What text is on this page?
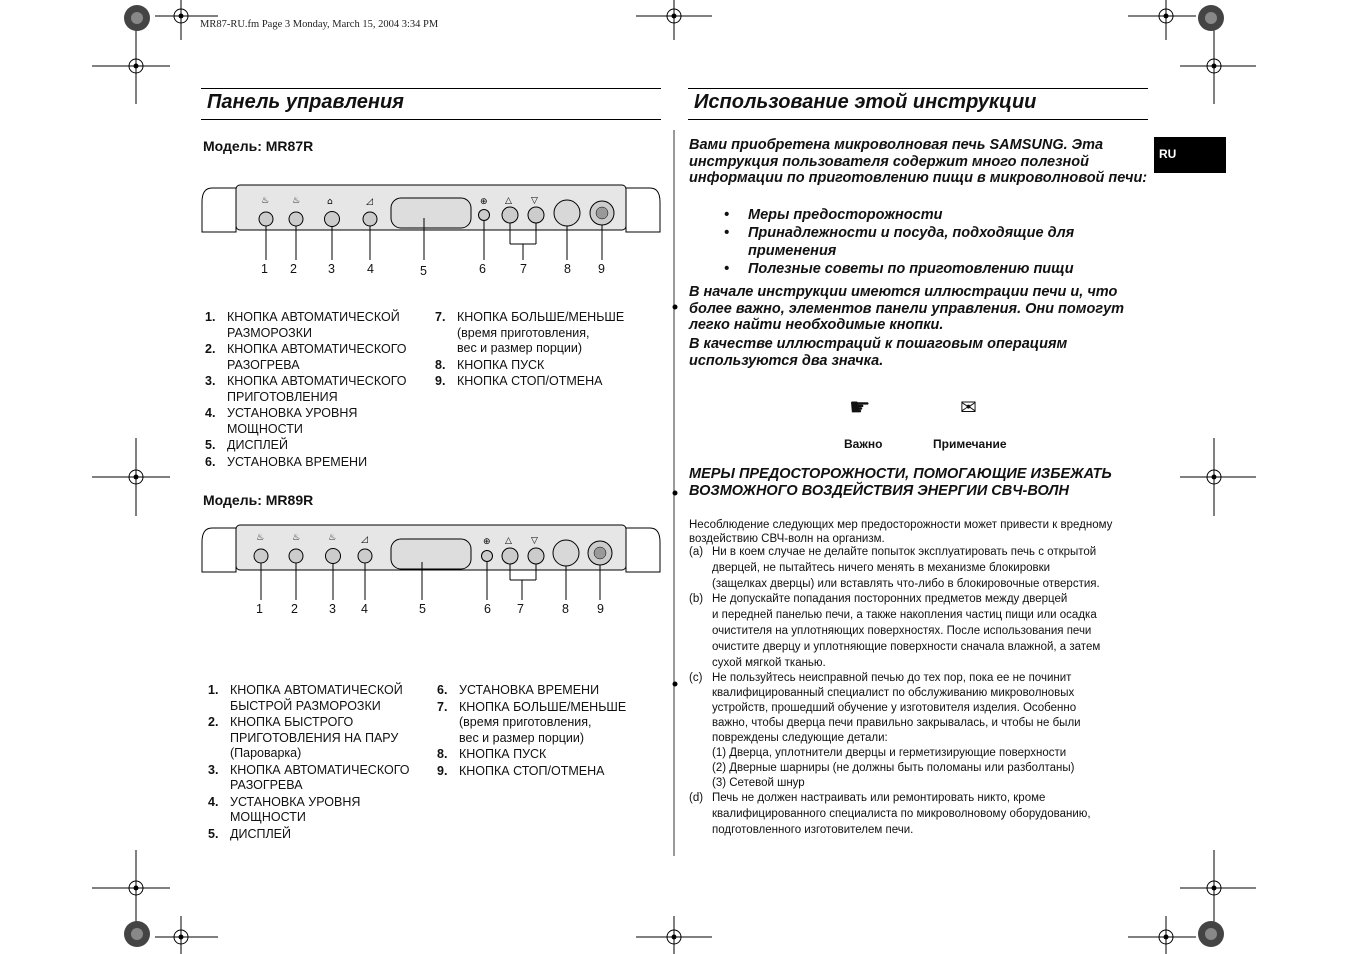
MR87-RU.fm Page 3 Monday, March 15, 2004 3:34 PM
Панель управления
Модель: MR87R
♨	♨	⌂	◿	⊕ △ ▽
1 2 3	4	5	6	7	8 9
1. КНОПКА АВТОМАТИЧЕСКОЙ
РАЗМОРОЗКИ
2. КНОПКА АВТОМАТИЧЕСКОГО
РАЗОГРЕВА
3. КНОПКА АВТОМАТИЧЕСКОГО
ПРИГОТОВЛЕНИЯ
4. УСТАНОВКА УРОВНЯ
МОЩНОСТИ
5. ДИСПЛЕЙ
6. УСТАНОВКА ВРЕМЕНИ
7. КНОПКА БОЛЬШЕ/МЕНЬШЕ
(время приготовления,
вес и размер порции)
8. КНОПКА ПУСК
9. КНОПКА СТОП/ОТМЕНА
Модель: MR89R
♨	♨	♨	◿	⊕ △ ▽
1 2 3 4	5	6 7	8 9
1. КНОПКА АВТОМАТИЧЕСКОЙ
БЫСТРОЙ РАЗМОРОЗКИ
2. КНОПКА БЫСТРОГО
ПРИГОТОВЛЕНИЯ НА ПАРУ
(Пароварка)
3. КНОПКА АВТОМАТИЧЕСКОГО
РАЗОГРЕВА
4. УСТАНОВКА УРОВНЯ
МОЩНОСТИ
5. ДИСПЛЕЙ
6. УСТАНОВКА ВРЕМЕНИ
7. КНОПКА БОЛЬШЕ/МЕНЬШЕ
(время приготовления,
вес и размер порции)
8. КНОПКА ПУСК
9. КНОПКА СТОП/ОТМЕНА
Использование этой инструкции
RU
Вами приобретена микроволновая печь SAMSUNG. Эта инструкция пользователя содержит много полезной информации по приготовлению пищи в микроволновой печи:
•	Меры предосторожности
•	Принадлежности и посуда, подходящие для
применения
•	Полезные советы по приготовлению пищи
В начале инструкции имеются иллюстрации печи и, что более важно, элементов панели управления. Они помогут легко найти необходимые кнопки.
В качестве иллюстраций к пошаговым операциям используются два значка.
☛	✉
Важно	Примечание
МЕРЫ ПРЕДОСТОРОЖНОСТИ, ПОМОГАЮЩИЕ ИЗБЕЖАТЬ ВОЗМОЖНОГО ВОЗДЕЙСТВИЯ ЭНЕРГИИ СВЧ-ВОЛН
Несоблюдение следующих мер предосторожности может привести к вредному воздействию СВЧ-волн на организм.
(a) Ни в коем случае не делайте попыток эксплуатировать печь с открытой
дверцей, не пытайтесь ничего менять в механизме блокировки
(защелках дверцы) или вставлять что-либо в блокировочные отверстия.
(b) Не допускайте попадания посторонних предметов между дверцей
и передней панелью печи, а также накопления частиц пищи или осадка
очистителя на уплотняющих поверхностях. После использования печи
очистите дверцу и уплотняющие поверхности сначала влажной, а затем
сухой мягкой тканью.
(c) Не пользуйтесь неисправной печью до тех пор, пока ее не починит
квалифицированный специалист по обслуживанию микроволновых
устройств, прошедший обучение у изготовителя изделия. Особенно
важно, чтобы дверца печи правильно закрывалась, и чтобы не были
повреждены следующие детали:
(1) Дверца, уплотнители дверцы и герметизирующие поверхности
(2) Дверные шарниры (не должны быть поломаны или разболтаны)
(3) Сетевой шнур
(d) Печь не должен настраивать или ремонтировать никто, кроме
квалифицированного специалиста по микроволновому оборудованию,
подготовленного изготовителем печи.
